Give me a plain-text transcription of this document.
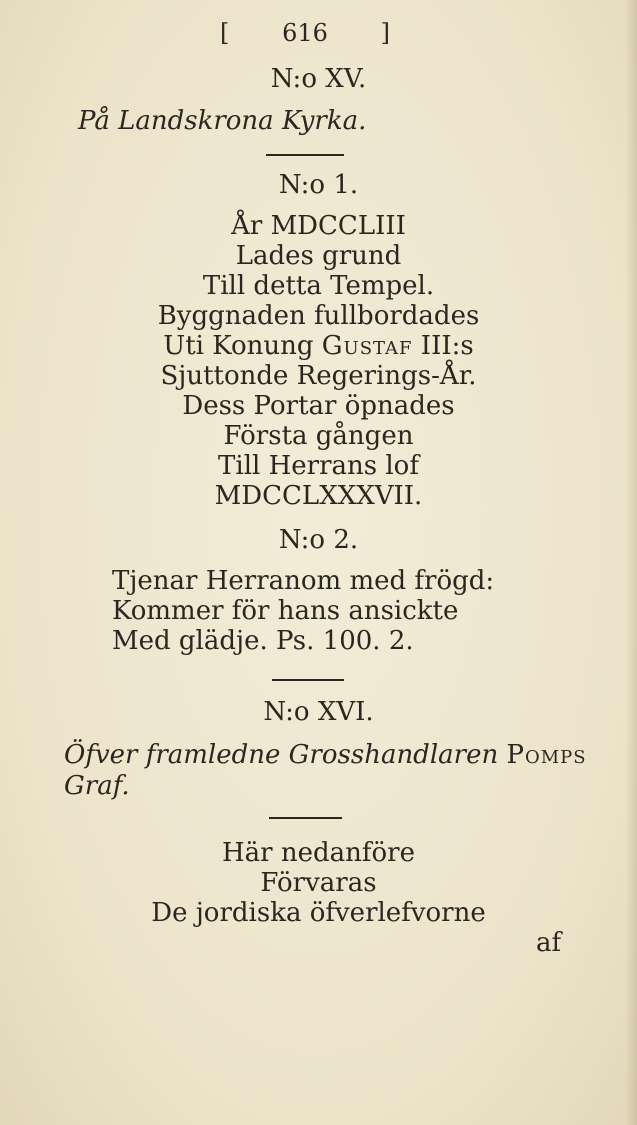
[	616	]
N:o XV.
På Landskrona Kyrka.
N:o 1.
År MDCCLIII
Lades grund
Till detta Tempel.
Byggnaden fullbordades
Uti Konung Gustaf III:s
Sjuttonde Regerings-År.
Dess Portar öpnades
Första gången
Till Herrans lof
MDCCLXXXVII.
N:o 2.
Tjenar Herranom med frögd:
Kommer för hans ansickte
Med glädje. Ps. 100. 2.
N:o XVI.
Öfver framledne Grosshandlaren Pomps
Graf.
Här nedanföre
Förvaras
De jordiska öfverlefvorne
af
